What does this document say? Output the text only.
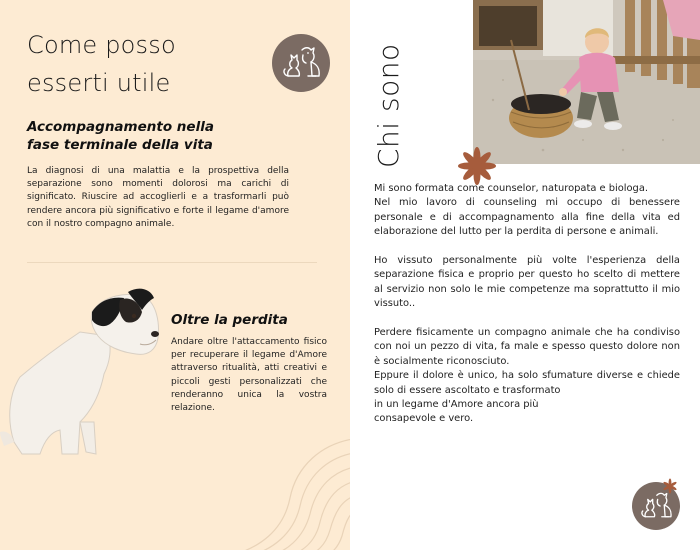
Come posso
esserti utile
Accompagnamento nella
fase terminale della vita
La diagnosi di una malattia e la prospettiva della separazione sono momenti dolorosi ma carichi di significato. Riuscire ad accoglierli e a trasformarli può rendere ancora più significativo e forte il legame d'amore con il nostro compagno animale.
Oltre la perdita
Andare oltre l'attaccamento fisico per recuperare il legame d'Amore attraverso ritualità, atti creativi e piccoli gesti personalizzati che renderanno unica la vostra relazione.
Chi sono

Mi sono formata come counselor, naturopata e biologa.
Nel mio lavoro di counseling mi occupo di benessere personale e di accompagnamento alla fine della vita ed elaborazione del lutto per la perdita di persone e animali.

Ho vissuto personalmente più volte l'esperienza della separazione fisica e proprio per questo ho scelto di mettere al servizio non solo le mie competenze ma soprattutto il mio vissuto..

Perdere fisicamente un compagno animale che ha condiviso con noi un pezzo di vita, fa male e spesso questo dolore non è socialmente riconosciuto.
Eppure il dolore è unico, ha solo sfumature diverse e chiede solo di essere ascoltato e trasformato
in un legame d'Amore ancora più
consapevole e vero.
